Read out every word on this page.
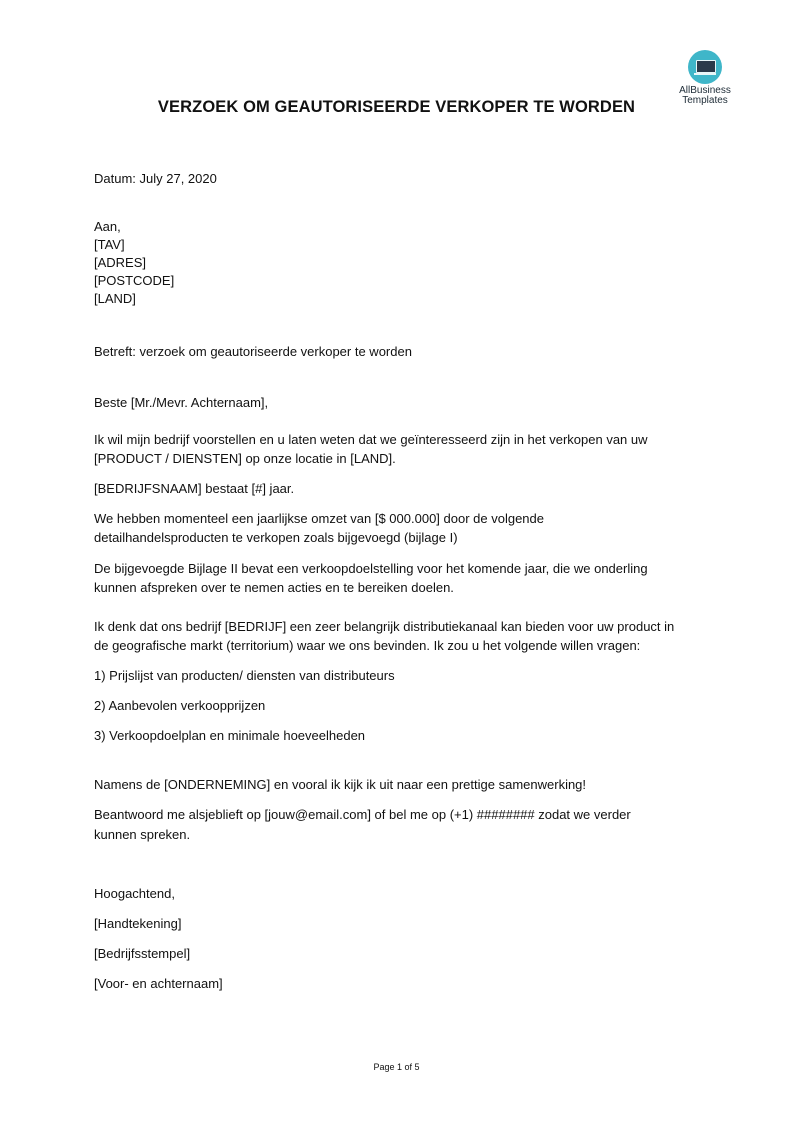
AllBusiness
Templates
VERZOEK OM GEAUTORISEERDE VERKOPER TE WORDEN
Datum: July 27, 2020
Aan,
[TAV]
[ADRES]
[POSTCODE]
[LAND]
Betreft: verzoek om geautoriseerde verkoper te worden
Beste [Mr./Mevr. Achternaam],
Ik wil mijn bedrijf voorstellen en u laten weten dat we geïnteresseerd zijn in het verkopen van uw
[PRODUCT / DIENSTEN] op onze locatie in [LAND].
[BEDRIJFSNAAM] bestaat [#] jaar.
We hebben momenteel een jaarlijkse omzet van [$ 000.000] door de volgende
detailhandelsproducten te verkopen zoals bijgevoegd (bijlage I)
De bijgevoegde Bijlage II bevat een verkoopdoelstelling voor het komende jaar, die we onderling
kunnen afspreken over te nemen acties en te bereiken doelen.
Ik denk dat ons bedrijf [BEDRIJF] een zeer belangrijk distributiekanaal kan bieden voor uw product in
de geografische markt (territorium) waar we ons bevinden. Ik zou u het volgende willen vragen:
1) Prijslijst van producten/ diensten van distributeurs
2) Aanbevolen verkoopprijzen
3) Verkoopdoelplan en minimale hoeveelheden
Namens de [ONDERNEMING] en vooral ik kijk ik uit naar een prettige samenwerking!
Beantwoord me alsjeblieft op [jouw@email.com] of bel me op (+1) ######## zodat we verder
kunnen spreken.
Hoogachtend,
[Handtekening]
[Bedrijfsstempel]
[Voor- en achternaam]
Page 1 of 5
